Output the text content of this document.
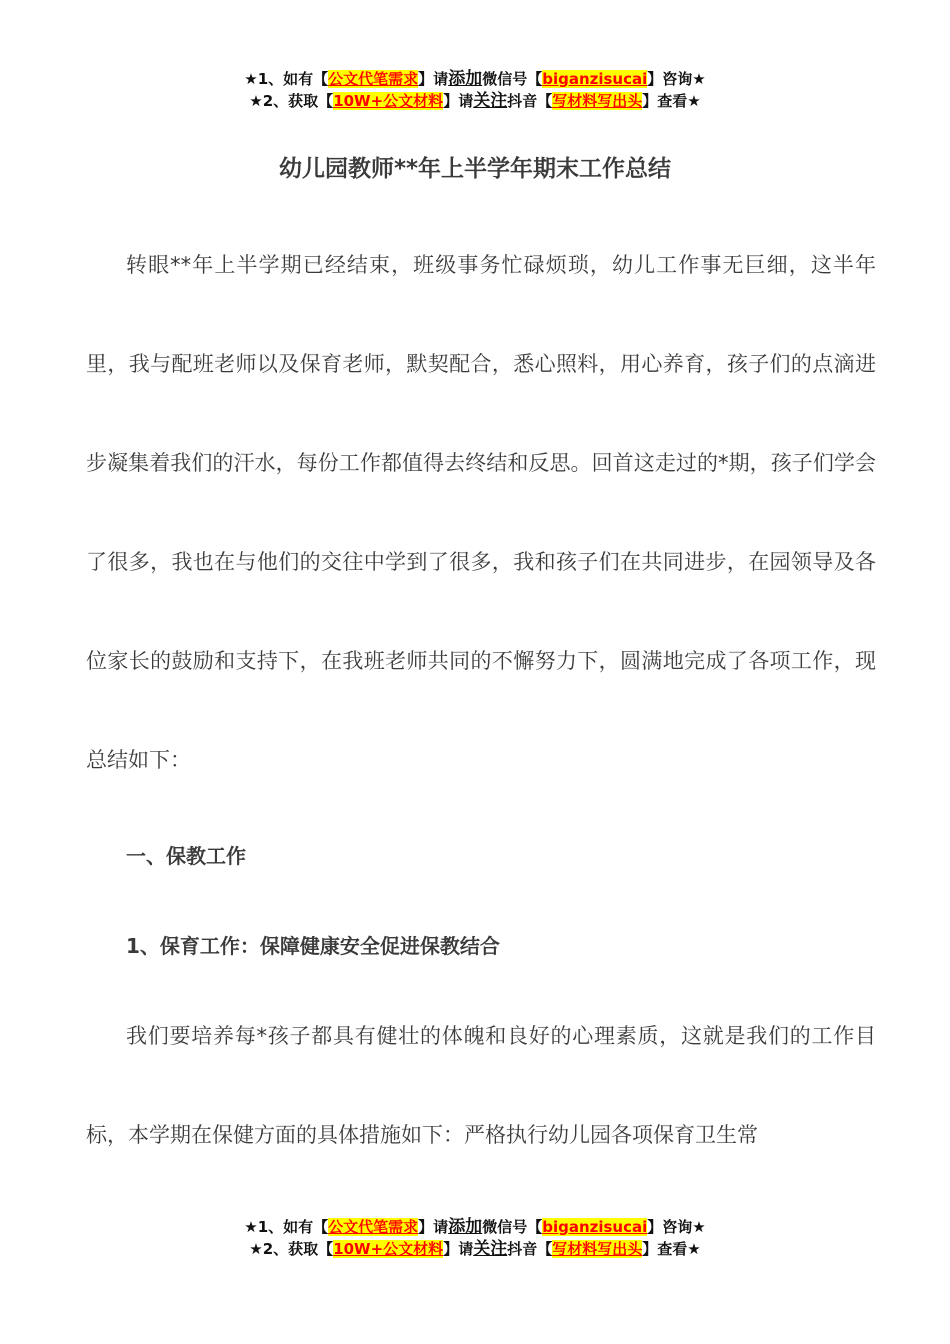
★1、如有【公文代笔需求】请添加微信号【biganzisucai】咨询★
★2、获取【10W+公文材料】请关注抖音【写材料写出头】查看★
幼儿园教师**年上半学年期末工作总结

转眼**年上半学期已经结束，班级事务忙碌烦琐，幼儿工作事无巨细，这半年里，我与配班老师以及保育老师，默契配合，悉心照料，用心养育，孩子们的点滴进步凝集着我们的汗水，每份工作都值得去终结和反思。回首这走过的*期，孩子们学会了很多，我也在与他们的交往中学到了很多，我和孩子们在共同进步，在园领导及各位家长的鼓励和支持下，在我班老师共同的不懈努力下，圆满地完成了各项工作，现总结如下：

一、保教工作
1、保育工作：保障健康安全促进保教结合

我们要培养每*孩子都具有健壮的体魄和良好的心理素质，这就是我们的工作目标，本学期在保健方面的具体措施如下：严格执行幼儿园各项保育卫生常

★1、如有【公文代笔需求】请添加微信号【biganzisucai】咨询★
★2、获取【10W+公文材料】请关注抖音【写材料写出头】查看★
